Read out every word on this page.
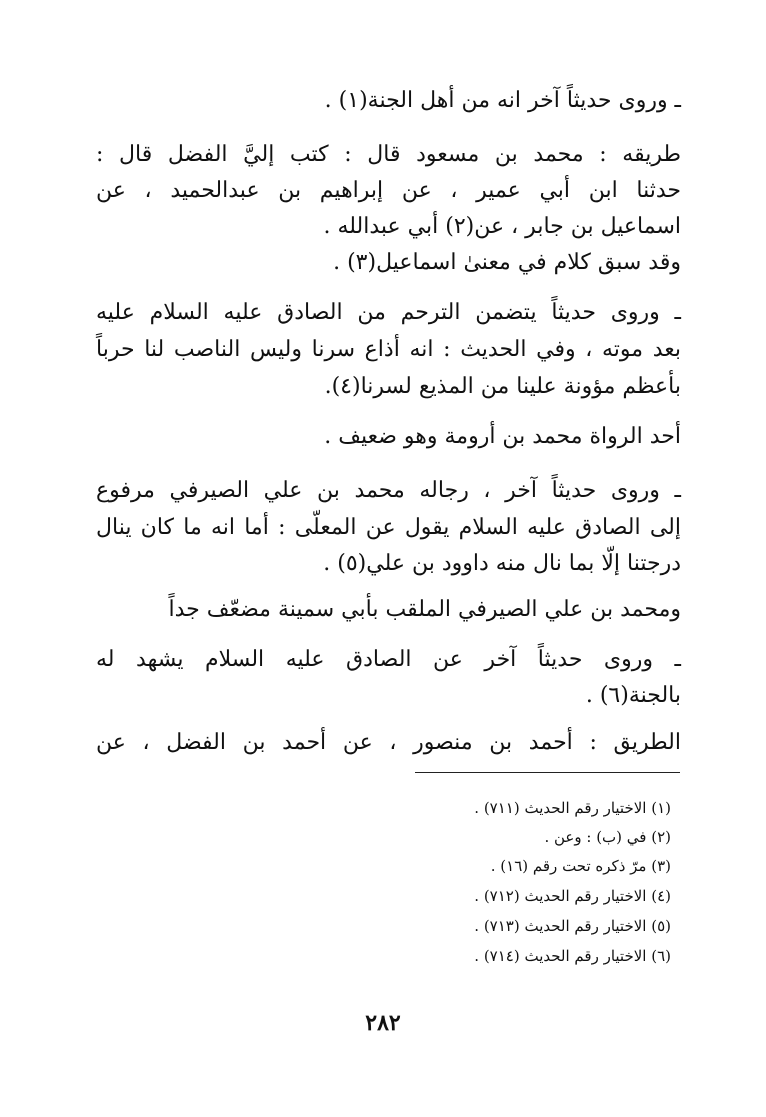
ـ وروى حديثاً آخر انه من أهل الجنة(١) .
طريقه : محمد بن مسعود قال : كتب إليَّ الفضل قال :
حدثنا ابن أبي عمير ، عن إبراهيم بن عبدالحميد ، عن
اسماعيل بن جابر ، عن(٢) أبي عبدالله .
وقد سبق كلام في معنىٰ اسماعيل(٣) .
ـ وروى حديثاً يتضمن الترحم من الصادق عليه السلام عليه
بعد موته ، وفي الحديث : انه أذاع سرنا وليس الناصب لنا حرباً
بأعظم مؤونة علينا من المذيع لسرنا(٤).
أحد الرواة محمد بن أرومة وهو ضعيف .
ـ وروى حديثاً آخر ، رجاله محمد بن علي الصيرفي مرفوع
إلى الصادق عليه السلام يقول عن المعلّى : أما انه ما كان ينال
درجتنا إلّا بما نال منه داوود بن علي(٥) .
ومحمد بن علي الصيرفي الملقب بأبي سمينة مضعّف جداً
ـ وروى حديثاً آخر عن الصادق عليه السلام يشهد له
بالجنة(٦) .
الطريق : أحمد بن منصور ، عن أحمد بن الفضل ، عن
(١) الاختيار رقم الحديث (٧١١) .
(٢) في (ب) : وعن .
(٣) مرّ ذكره تحت رقم (١٦) .
(٤) الاختيار رقم الحديث (٧١٢) .
(٥) الاختيار رقم الحديث (٧١٣) .
(٦) الاختيار رقم الحديث (٧١٤) .
٢٨٢
